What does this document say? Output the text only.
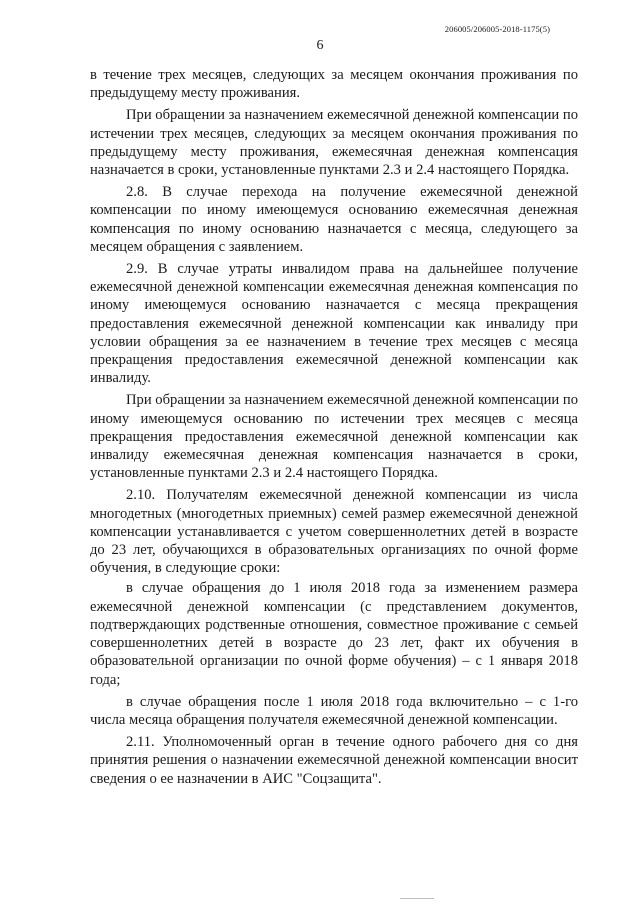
206005/206005-2018-1175(5)
6

в течение трех месяцев, следующих за месяцем окончания проживания по предыдущему месту проживания.

При обращении за назначением ежемесячной денежной компенсации по истечении трех месяцев, следующих за месяцем окончания проживания по предыдущему месту проживания, ежемесячная денежная компенсация назначается в сроки, установленные пунктами 2.3 и 2.4 настоящего Порядка.

2.8. В случае перехода на получение ежемесячной денежной компенсации по иному имеющемуся основанию ежемесячная денежная компенсация по иному основанию назначается с месяца, следующего за месяцем обращения с заявлением.

2.9. В случае утраты инвалидом права на дальнейшее получение ежемесячной денежной компенсации ежемесячная денежная компенсация по иному имеющемуся основанию назначается с месяца прекращения предоставления ежемесячной денежной компенсации как инвалиду при условии обращения за ее назначением в течение трех месяцев с месяца прекращения предоставления ежемесячной денежной компенсации как инвалиду.

При обращении за назначением ежемесячной денежной компенсации по иному имеющемуся основанию по истечении трех месяцев с месяца прекращения предоставления ежемесячной денежной компенсации как инвалиду ежемесячная денежная компенсация назначается в сроки, установленные пунктами 2.3 и 2.4 настоящего Порядка.

2.10. Получателям ежемесячной денежной компенсации из числа многодетных (многодетных приемных) семей размер ежемесячной денежной компенсации устанавливается с учетом совершеннолетних детей в возрасте до 23 лет, обучающихся в образовательных организациях по очной форме обучения, в следующие сроки:

в случае обращения до 1 июля 2018 года за изменением размера ежемесячной денежной компенсации (с представлением документов, подтверждающих родственные отношения, совместное проживание с семьей совершеннолетних детей в возрасте до 23 лет, факт их обучения в образовательной организации по очной форме обучения) – с 1 января 2018 года;

в случае обращения после 1 июля 2018 года включительно – с 1-го числа месяца обращения получателя ежемесячной денежной компенсации.

2.11. Уполномоченный орган в течение одного рабочего дня со дня принятия решения о назначении ежемесячной денежной компенсации вносит сведения о ее назначении в АИС "Соцзащита".
